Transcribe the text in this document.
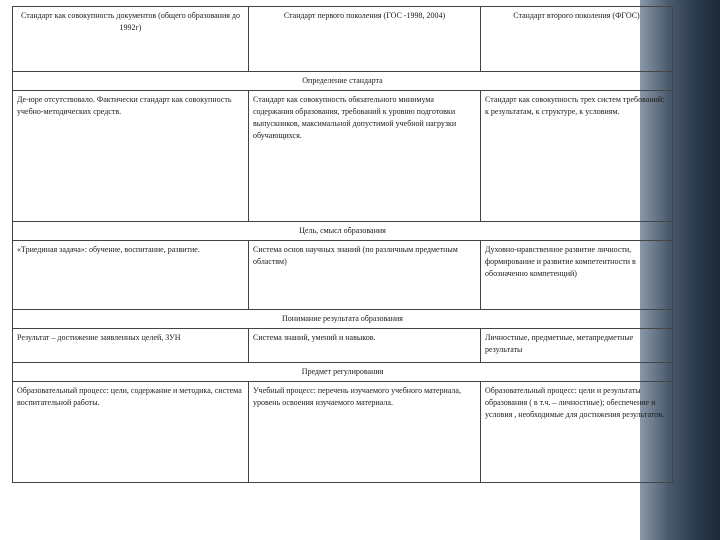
Стандарт как совокупность документов (общего образования до 1992г)	Стандарт первого поколения (ГОС -1998, 2004)	Стандарт второго поколения (ФГОС)
Определение стандарта		
Де-юре отсутствовало. Фактически стандарт как совокупность учебно-методических средств.	Стандарт как совокупность обязательного минимума содержания образования, требований к уровню подготовки выпускников, максимальной допустимой учебной нагрузки обучающихся.	Стандарт как совокупность трех систем требований: к результатам, к структуре, к условиям.
Цель, смысл образования		
«Триединая задача»: обучение, воспитание, развитие.	Система основ научных знаний (по различным предметным областям)	Духовно-нравственное развитие личности, формирование и развитие компетентности в обозначенно компетенций)
Понимание результата образования		
Результат – достижение заявленных целей, ЗУН	Система знаний, умений и навыков.	Личностные, предметные, метапредметные результаты
Предмет регулирования		
Образовательный процесс: цели, содержание и методика, система воспитательной работы.	Учебный процесс: перечень изучаемого учебного материала, уровень освоения изучаемого материала.	Образовательный процесс: цели и результаты образования ( в т.ч. – личностные); обеспечение и условия , необходимые для достижения результатов.
